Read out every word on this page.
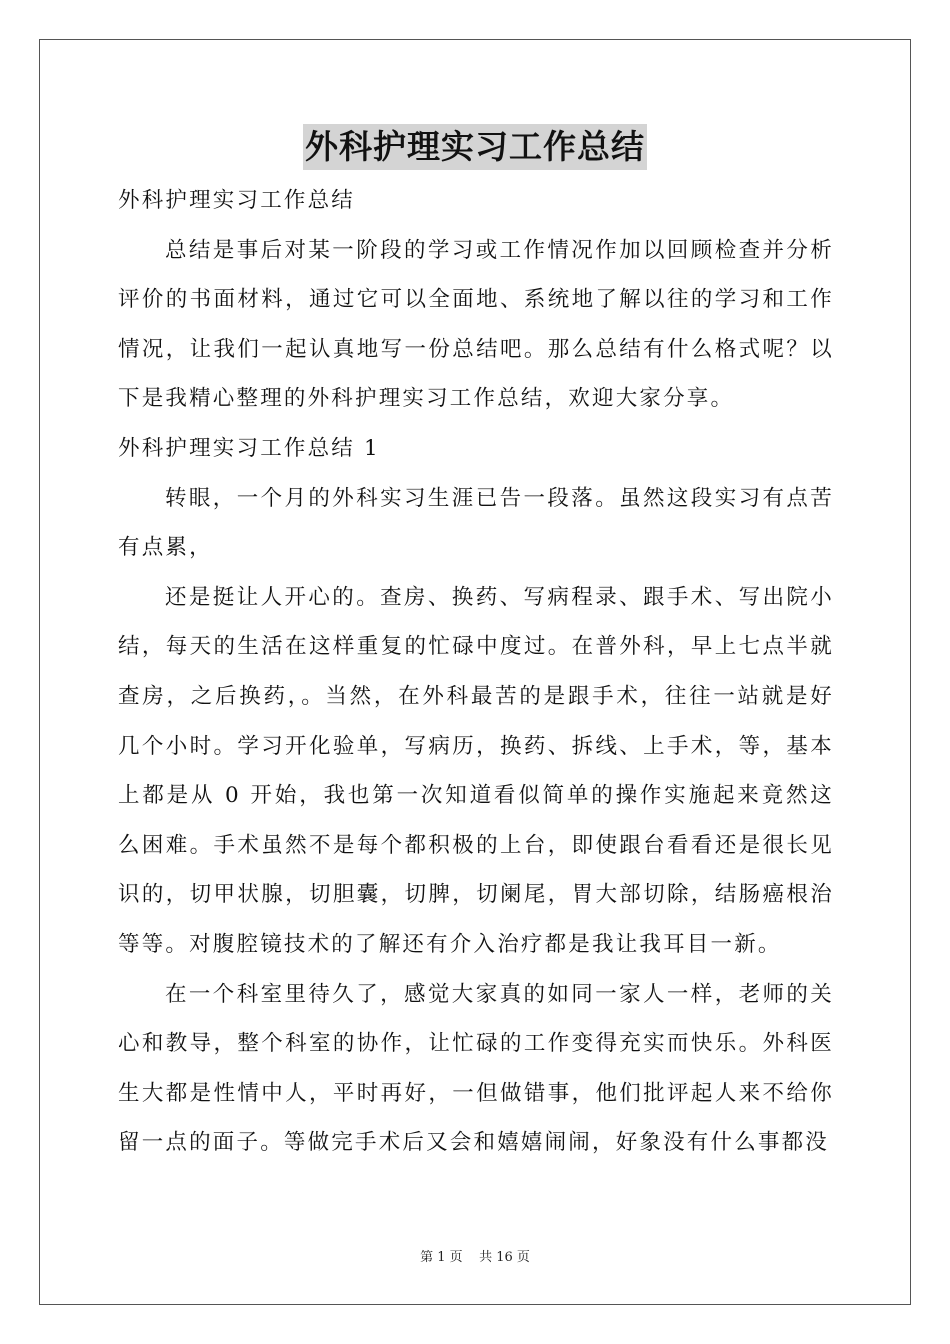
外科护理实习工作总结

外科护理实习工作总结

总结是事后对某一阶段的学习或工作情况作加以回顾检查并分析评价的书面材料，通过它可以全面地、系统地了解以往的学习和工作情况，让我们一起认真地写一份总结吧。那么总结有什么格式呢？以下是我精心整理的外科护理实习工作总结，欢迎大家分享。

外科护理实习工作总结 1

转眼，一个月的外科实习生涯已告一段落。虽然这段实习有点苦有点累，

还是挺让人开心的。查房、换药、写病程录、跟手术、写出院小结，每天的生活在这样重复的忙碌中度过。在普外科，早上七点半就查房，之后换药，。当然，在外科最苦的是跟手术，往往一站就是好几个小时。学习开化验单，写病历，换药、拆线、上手术，等，基本上都是从 0 开始，我也第一次知道看似简单的操作实施起来竟然这么困难。手术虽然不是每个都积极的上台，即使跟台看看还是很长见识的，切甲状腺，切胆囊，切脾，切阑尾，胃大部切除，结肠癌根治等等。对腹腔镜技术的了解还有介入治疗都是我让我耳目一新。

在一个科室里待久了，感觉大家真的如同一家人一样，老师的关心和教导，整个科室的协作，让忙碌的工作变得充实而快乐。外科医生大都是性情中人，平时再好，一但做错事，他们批评起人来不给你留一点的面子。等做完手术后又会和嬉嬉闹闹，好象没有什么事都没

第 1 页    共 16 页
